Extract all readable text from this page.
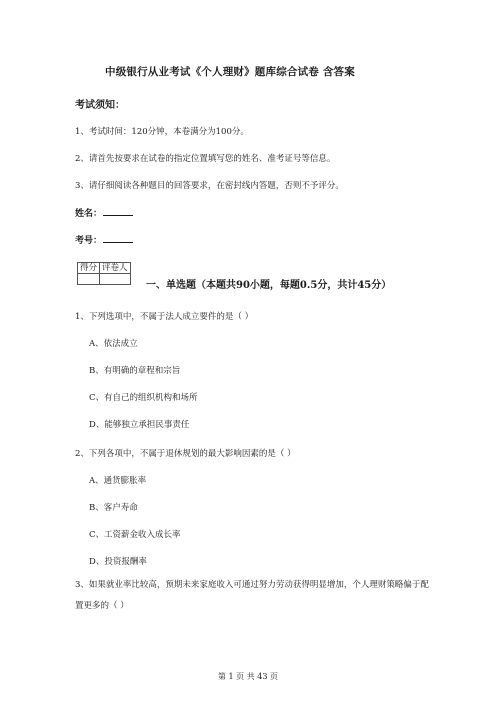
中级银行从业考试《个人理财》题库综合试卷 含答案
考试须知：
1、考试时间：120分钟，本卷满分为100分。
2、请首先按要求在试卷的指定位置填写您的姓名、准考证号等信息。
3、请仔细阅读各种题目的回答要求，在密封线内答题，否则不予评分。
姓名：
考号：
得分	评卷人

一、单选题（本题共90小题，每题0.5分，共计45分）
1、下列选项中，不属于法人成立要件的是（ ）
A、依法成立
B、有明确的章程和宗旨
C、有自己的组织机构和场所
D、能够独立承担民事责任
2、下列各项中，不属于退休规划的最大影响因素的是（ ）
A、通货膨胀率
B、客户寿命
C、工资薪金收入成长率
D、投资报酬率
3、如果就业率比较高，预期未来家庭收入可通过努力劳动获得明显增加，个人理财策略偏于配置更多的（ ）
第 1 页 共 43 页
